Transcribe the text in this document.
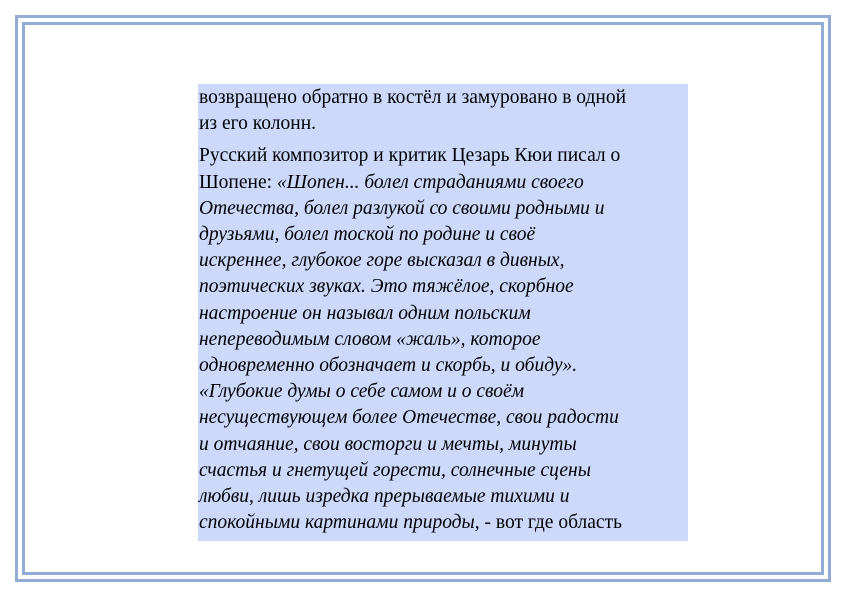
возвращено обратно в костёл и замуровано в одной
из его колонн.

Русский композитор и критик Цезарь Кюи писал о
Шопене: «Шопен... болел страданиями своего
Отечества, болел разлукой со своими родными и
друзьями, болел тоской по родине и своё
искреннее, глубокое горе высказал в дивных,
поэтических звуках. Это тяжёлое, скорбное
настроение он называл одним польским
непереводимым словом «жаль», которое
одновременно обозначает и скорбь, и обиду».
«Глубокие думы о себе самом и о своём
несуществующем более Отечестве, свои радости
и отчаяние, свои восторги и мечты, минуты
счастья и гнетущей горести, солнечные сцены
любви, лишь изредка прерываемые тихими и
спокойными картинами природы, - вот где область
